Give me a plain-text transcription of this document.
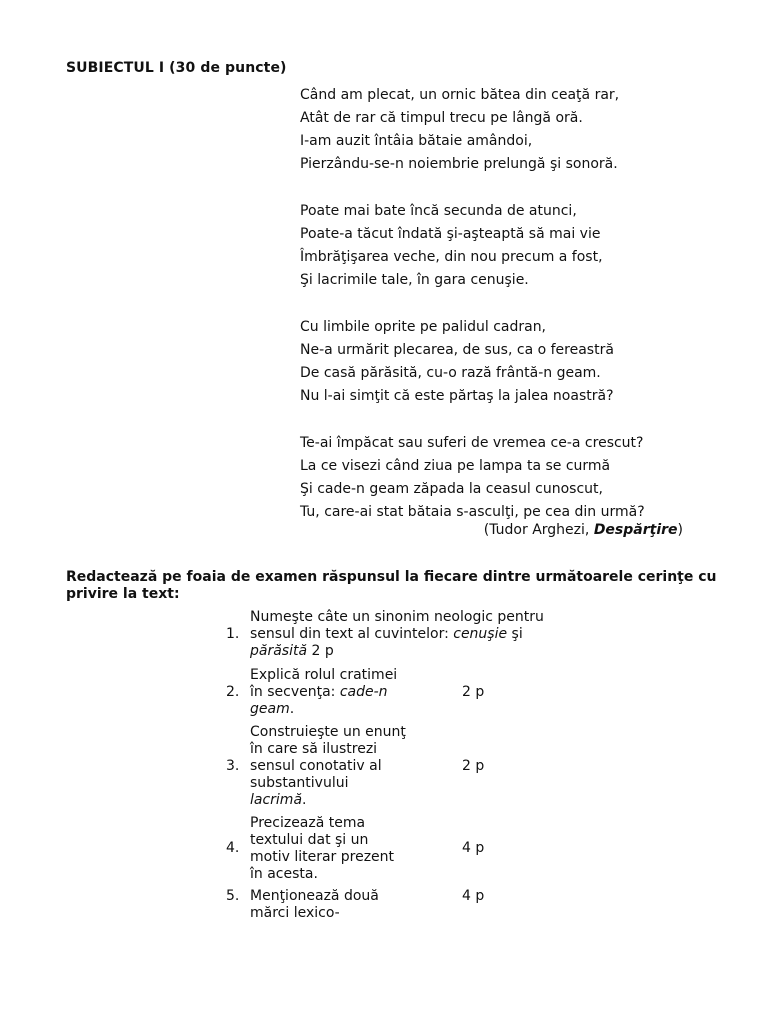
SUBIECTUL I (30 de puncte)
Când am plecat, un ornic bătea din ceaţă rar,
Atât de rar că timpul trecu pe lângă oră.
I-am auzit întâia bătaie amândoi,
Pierzându-se-n noiembrie prelungă şi sonoră.
Poate mai bate încă secunda de atunci,
Poate-a tăcut îndată şi-aşteaptă să mai vie
Îmbrăţişarea veche, din nou precum a fost,
Şi lacrimile tale, în gara cenuşie.
Cu limbile oprite pe palidul cadran,
Ne-a urmărit plecarea, de sus, ca o fereastră
De casă părăsită, cu-o rază frântă-n geam.
Nu l-ai simţit că este părtaş la jalea noastră?
Te-ai împăcat sau suferi de vremea ce-a crescut?
La ce visezi când ziua pe lampa ta se curmă
Şi cade-n geam zăpada la ceasul cunoscut,
Tu, care-ai stat bătaia s-asculţi, pe cea din urmă?
(Tudor Arghezi, Despărţire)
Redactează pe foaia de examen răspunsul la fiecare dintre următoarele cerinţe cu privire la text:
1.
Numeşte câte un sinonim neologic pentru
sensul din text al cuvintelor: cenuşie şi
părăsită 2 p
2.
Explică rolul cratimei
în secvenţa: cade-n
geam.
2 p
3.
Construieşte un enunţ
în care să ilustrezi
sensul conotativ al
substantivului
lacrimă.
2 p
4.
Precizează tema
textului dat şi un
motiv literar prezent
în acesta.
4 p
5. Menţionează două
mărci lexico-
4 p
